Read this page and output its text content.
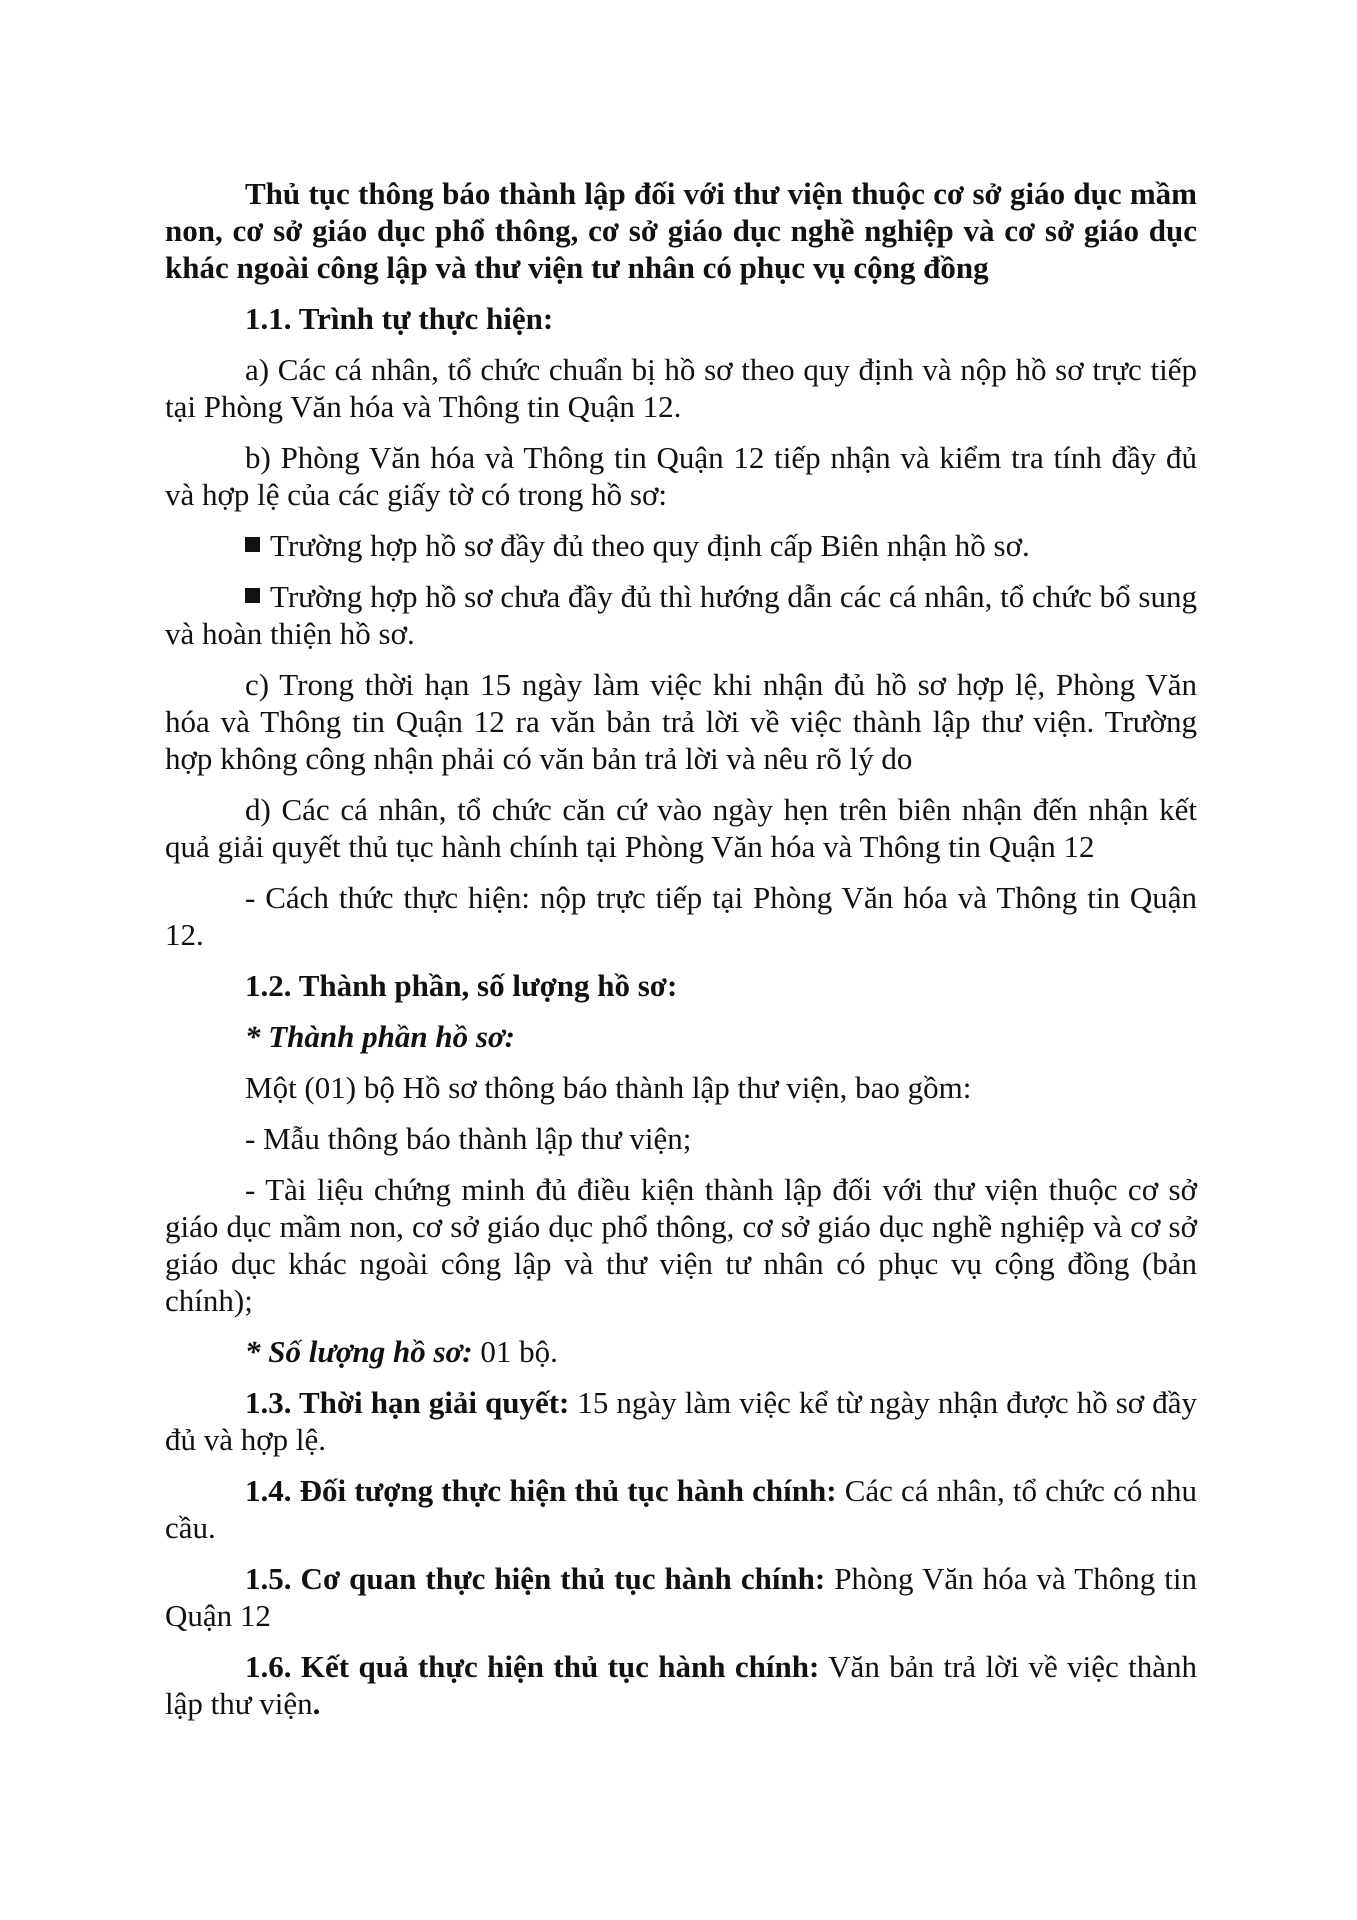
Thủ tục thông báo thành lập đối với thư viện thuộc cơ sở giáo dục mầm non, cơ sở giáo dục phổ thông, cơ sở giáo dục nghề nghiệp và cơ sở giáo dục khác ngoài công lập và thư viện tư nhân có phục vụ cộng đồng

1.1. Trình tự thực hiện:

a) Các cá nhân, tổ chức chuẩn bị hồ sơ theo quy định và nộp hồ sơ trực tiếp tại Phòng Văn hóa và Thông tin Quận 12.

b) Phòng Văn hóa và Thông tin Quận 12 tiếp nhận và kiểm tra tính đầy đủ và hợp lệ của các giấy tờ có trong hồ sơ:

Trường hợp hồ sơ đầy đủ theo quy định cấp Biên nhận hồ sơ.

Trường hợp hồ sơ chưa đầy đủ thì hướng dẫn các cá nhân, tổ chức bổ sung và hoàn thiện hồ sơ.

c) Trong thời hạn 15 ngày làm việc khi nhận đủ hồ sơ hợp lệ, Phòng Văn hóa và Thông tin Quận 12 ra văn bản trả lời về việc thành lập thư viện. Trường hợp không công nhận phải có văn bản trả lời và nêu rõ lý do

d) Các cá nhân, tổ chức căn cứ vào ngày hẹn trên biên nhận đến nhận kết quả giải quyết thủ tục hành chính tại Phòng Văn hóa và Thông tin Quận 12

- Cách thức thực hiện: nộp trực tiếp tại Phòng Văn hóa và Thông tin Quận 12.

1.2. Thành phần, số lượng hồ sơ:

* Thành phần hồ sơ:

Một (01) bộ Hồ sơ thông báo thành lập thư viện, bao gồm:

- Mẫu thông báo thành lập thư viện;

- Tài liệu chứng minh đủ điều kiện thành lập đối với thư viện thuộc cơ sở giáo dục mầm non, cơ sở giáo dục phổ thông, cơ sở giáo dục nghề nghiệp và cơ sở giáo dục khác ngoài công lập và thư viện tư nhân có phục vụ cộng đồng (bản chính);

* Số lượng hồ sơ: 01 bộ.

1.3. Thời hạn giải quyết: 15 ngày làm việc kể từ ngày nhận được hồ sơ đầy đủ và hợp lệ.

1.4. Đối tượng thực hiện thủ tục hành chính: Các cá nhân, tổ chức có nhu cầu.

1.5. Cơ quan thực hiện thủ tục hành chính: Phòng Văn hóa và Thông tin Quận 12

1.6. Kết quả thực hiện thủ tục hành chính: Văn bản trả lời về việc thành lập thư viện.
